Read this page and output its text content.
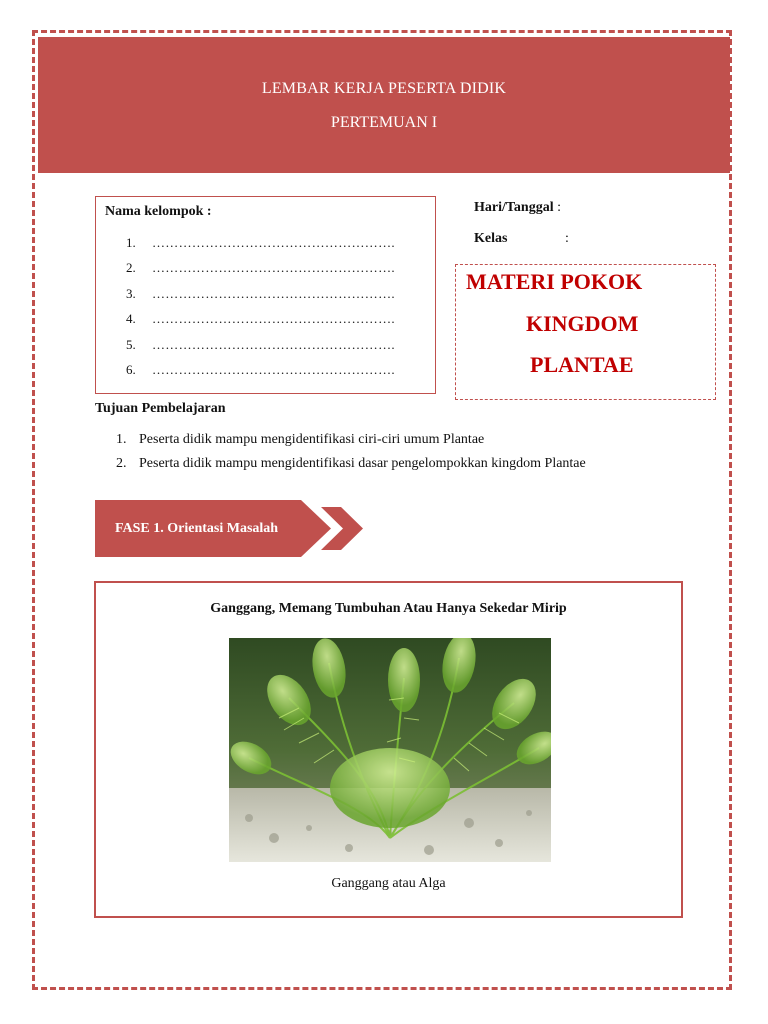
LEMBAR KERJA PESERTA DIDIK
PERTEMUAN I
Nama kelompok :
1.	……………………………………………….
2.	……………………………………………….
3.	……………………………………………….
4.	……………………………………………….
5.	……………………………………………….
6.	……………………………………………….
Hari/Tanggal :
Kelas	:
MATERI POKOK
KINGDOM
PLANTAE
Tujuan Pembelajaran
1. Peserta didik mampu mengidentifikasi ciri-ciri umum Plantae
2. Peserta didik mampu mengidentifikasi dasar pengelompokkan kingdom Plantae
FASE 1. Orientasi Masalah
Ganggang, Memang Tumbuhan Atau Hanya Sekedar Mirip
Ganggang atau Alga
